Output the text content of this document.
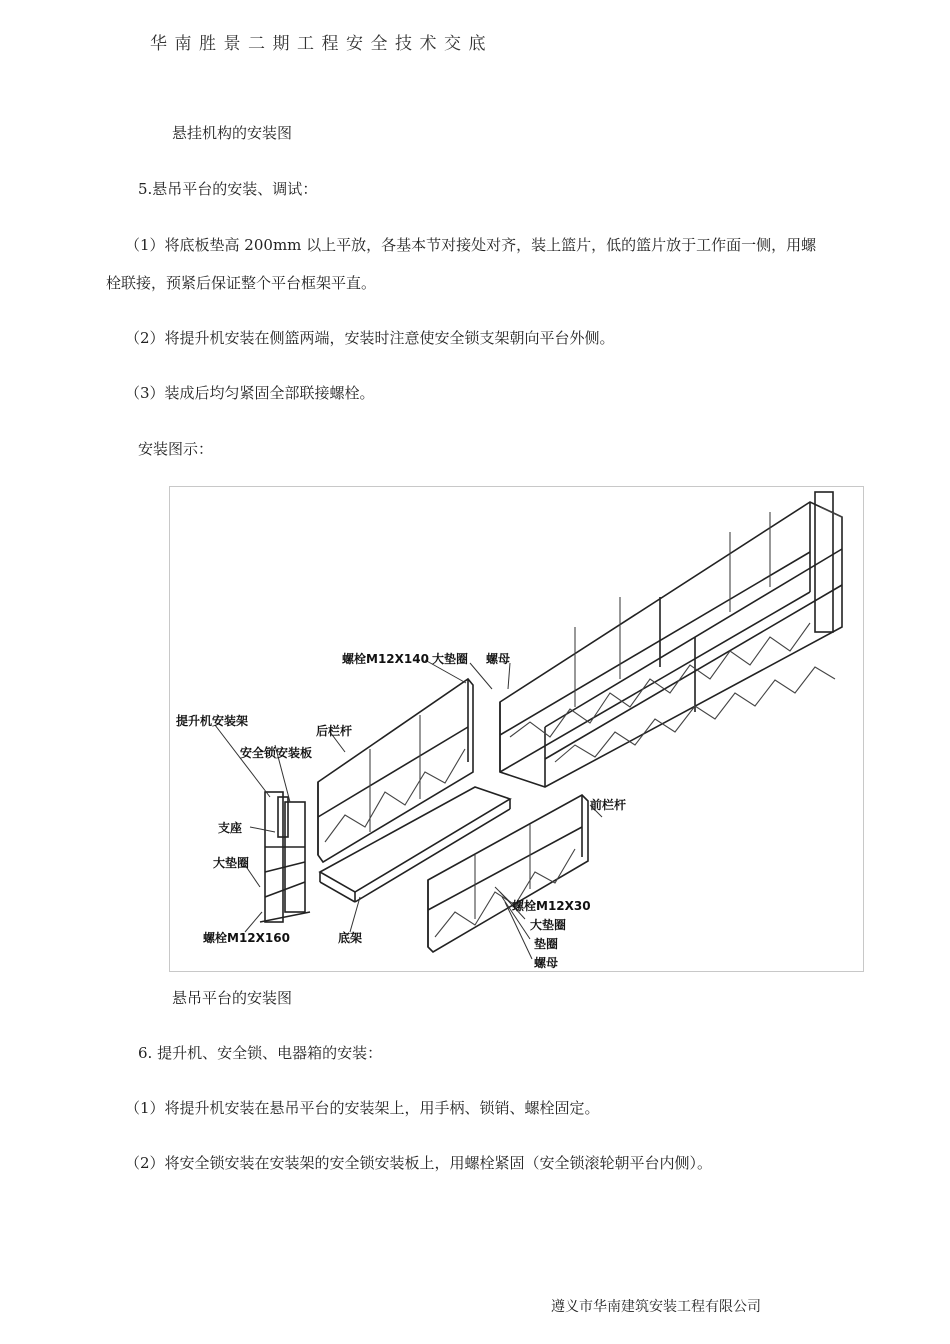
华南胜景二期工程安全技术交底
悬挂机构的安装图
5.悬吊平台的安装、调试：
（1）将底板垫高 200mm 以上平放，各基本节对接处对齐，装上篮片，低的篮片放于工作面一侧，用螺
栓联接，预紧后保证整个平台框架平直。
（2）将提升机安装在侧篮两端，安装时注意使安全锁支架朝向平台外侧。
（3）装成后均匀紧固全部联接螺栓。
安装图示：
螺栓M12X140 大垫圈 螺母
提升机安装架
安全锁安装板
后栏杆
前栏杆
支座
大垫圈
螺栓M12X160	底架
螺栓M12X30
大垫圈
垫圈
螺母
悬吊平台的安装图
6. 提升机、安全锁、电器箱的安装：
（1）将提升机安装在悬吊平台的安装架上，用手柄、锁销、螺栓固定。
（2）将安全锁安装在安装架的安全锁安装板上，用螺栓紧固（安全锁滚轮朝平台内侧）。
遵义市华南建筑安装工程有限公司
